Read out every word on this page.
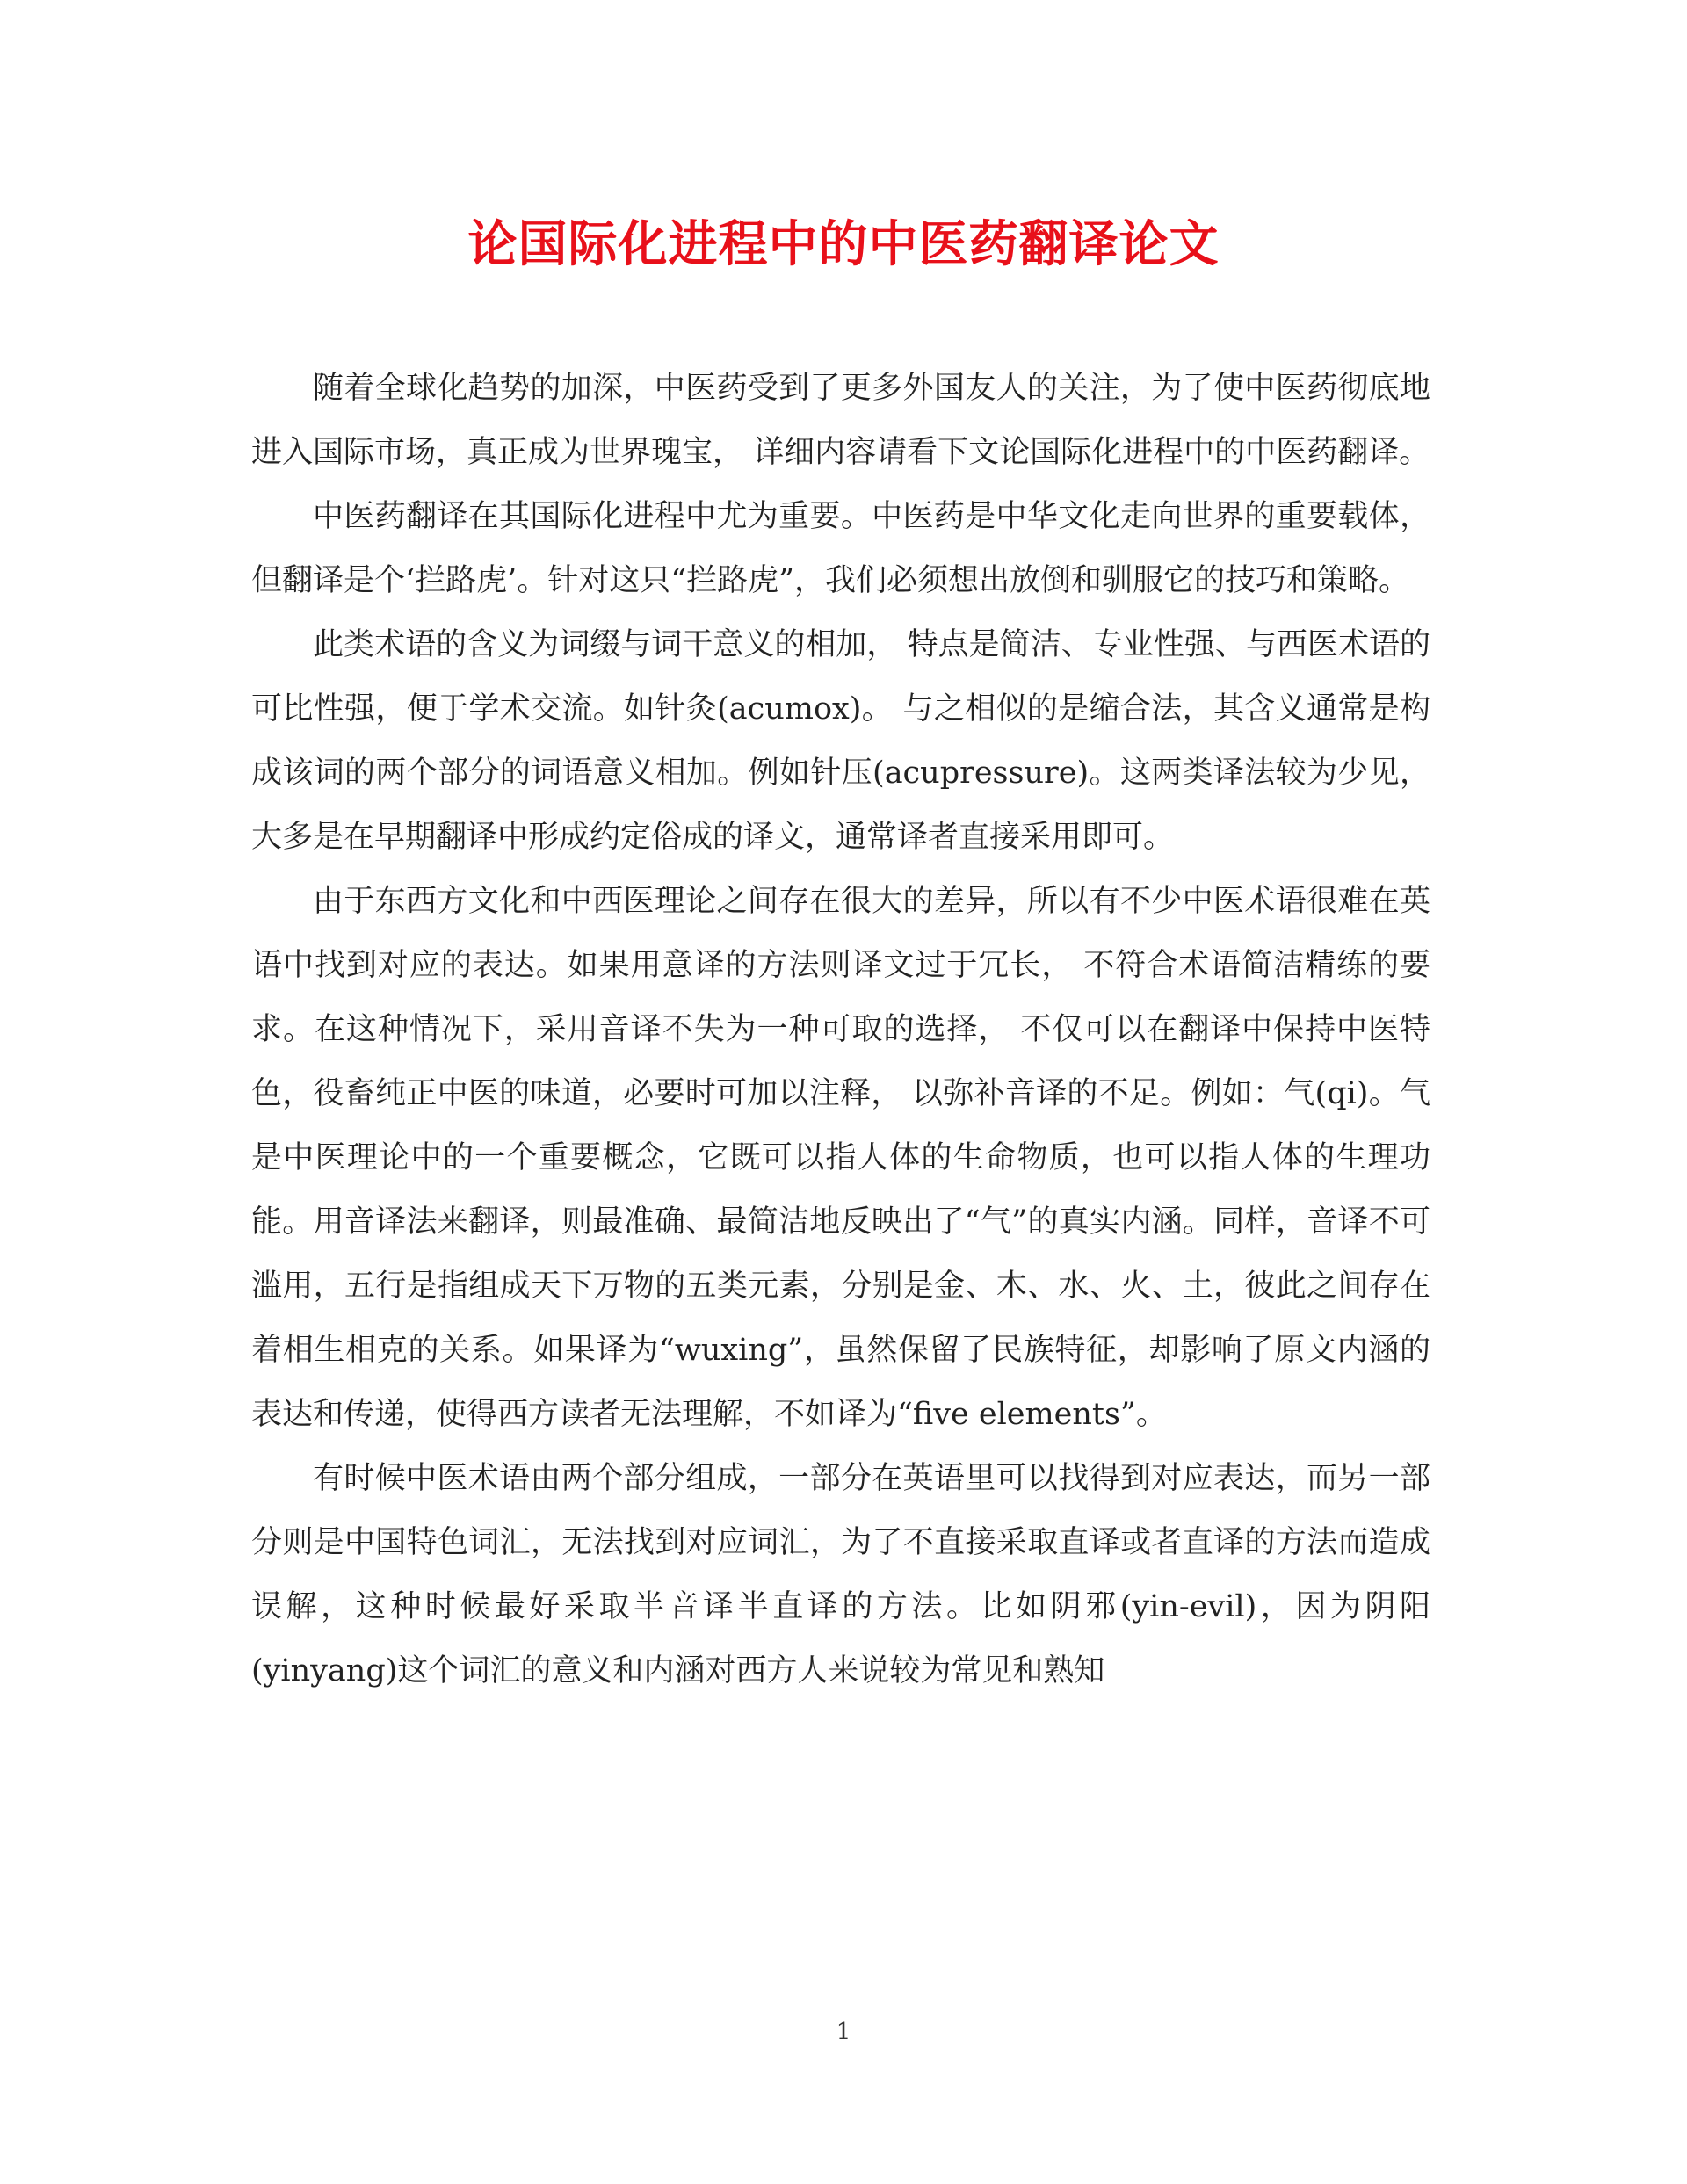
论国际化进程中的中医药翻译论文

随着全球化趋势的加深，中医药受到了更多外国友人的关注，为了使中医药彻底地进入国际市场，真正成为世界瑰宝， 详细内容请看下文论国际化进程中的中医药翻译。

中医药翻译在其国际化进程中尤为重要。中医药是中华文化走向世界的重要载体，但翻译是个‘拦路虎’。针对这只“拦路虎”，我们必须想出放倒和驯服它的技巧和策略。

此类术语的含义为词缀与词干意义的相加， 特点是简洁、专业性强、与西医术语的可比性强，便于学术交流。如针灸(acumox)。 与之相似的是缩合法，其含义通常是构成该词的两个部分的词语意义相加。例如针压(acupressure)。这两类译法较为少见，大多是在早期翻译中形成约定俗成的译文，通常译者直接采用即可。

由于东西方文化和中西医理论之间存在很大的差异，所以有不少中医术语很难在英语中找到对应的表达。如果用意译的方法则译文过于冗长， 不符合术语简洁精练的要求。在这种情况下，采用音译不失为一种可取的选择， 不仅可以在翻译中保持中医特色，役畜纯正中医的味道，必要时可加以注释， 以弥补音译的不足。例如：气(qi)。气是中医理论中的一个重要概念，它既可以指人体的生命物质，也可以指人体的生理功能。用音译法来翻译，则最准确、最简洁地反映出了“气”的真实内涵。同样，音译不可滥用，五行是指组成天下万物的五类元素，分别是金、木、水、火、土，彼此之间存在着相生相克的关系。如果译为“wuxing”，虽然保留了民族特征，却影响了原文内涵的表达和传递，使得西方读者无法理解，不如译为“five elements”。

有时候中医术语由两个部分组成，一部分在英语里可以找得到对应表达，而另一部分则是中国特色词汇，无法找到对应词汇，为了不直接采取直译或者直译的方法而造成误解，这种时候最好采取半音译半直译的方法。比如阴邪(yin-evil)，因为阴阳(yinyang)这个词汇的意义和内涵对西方人来说较为常见和熟知

1
